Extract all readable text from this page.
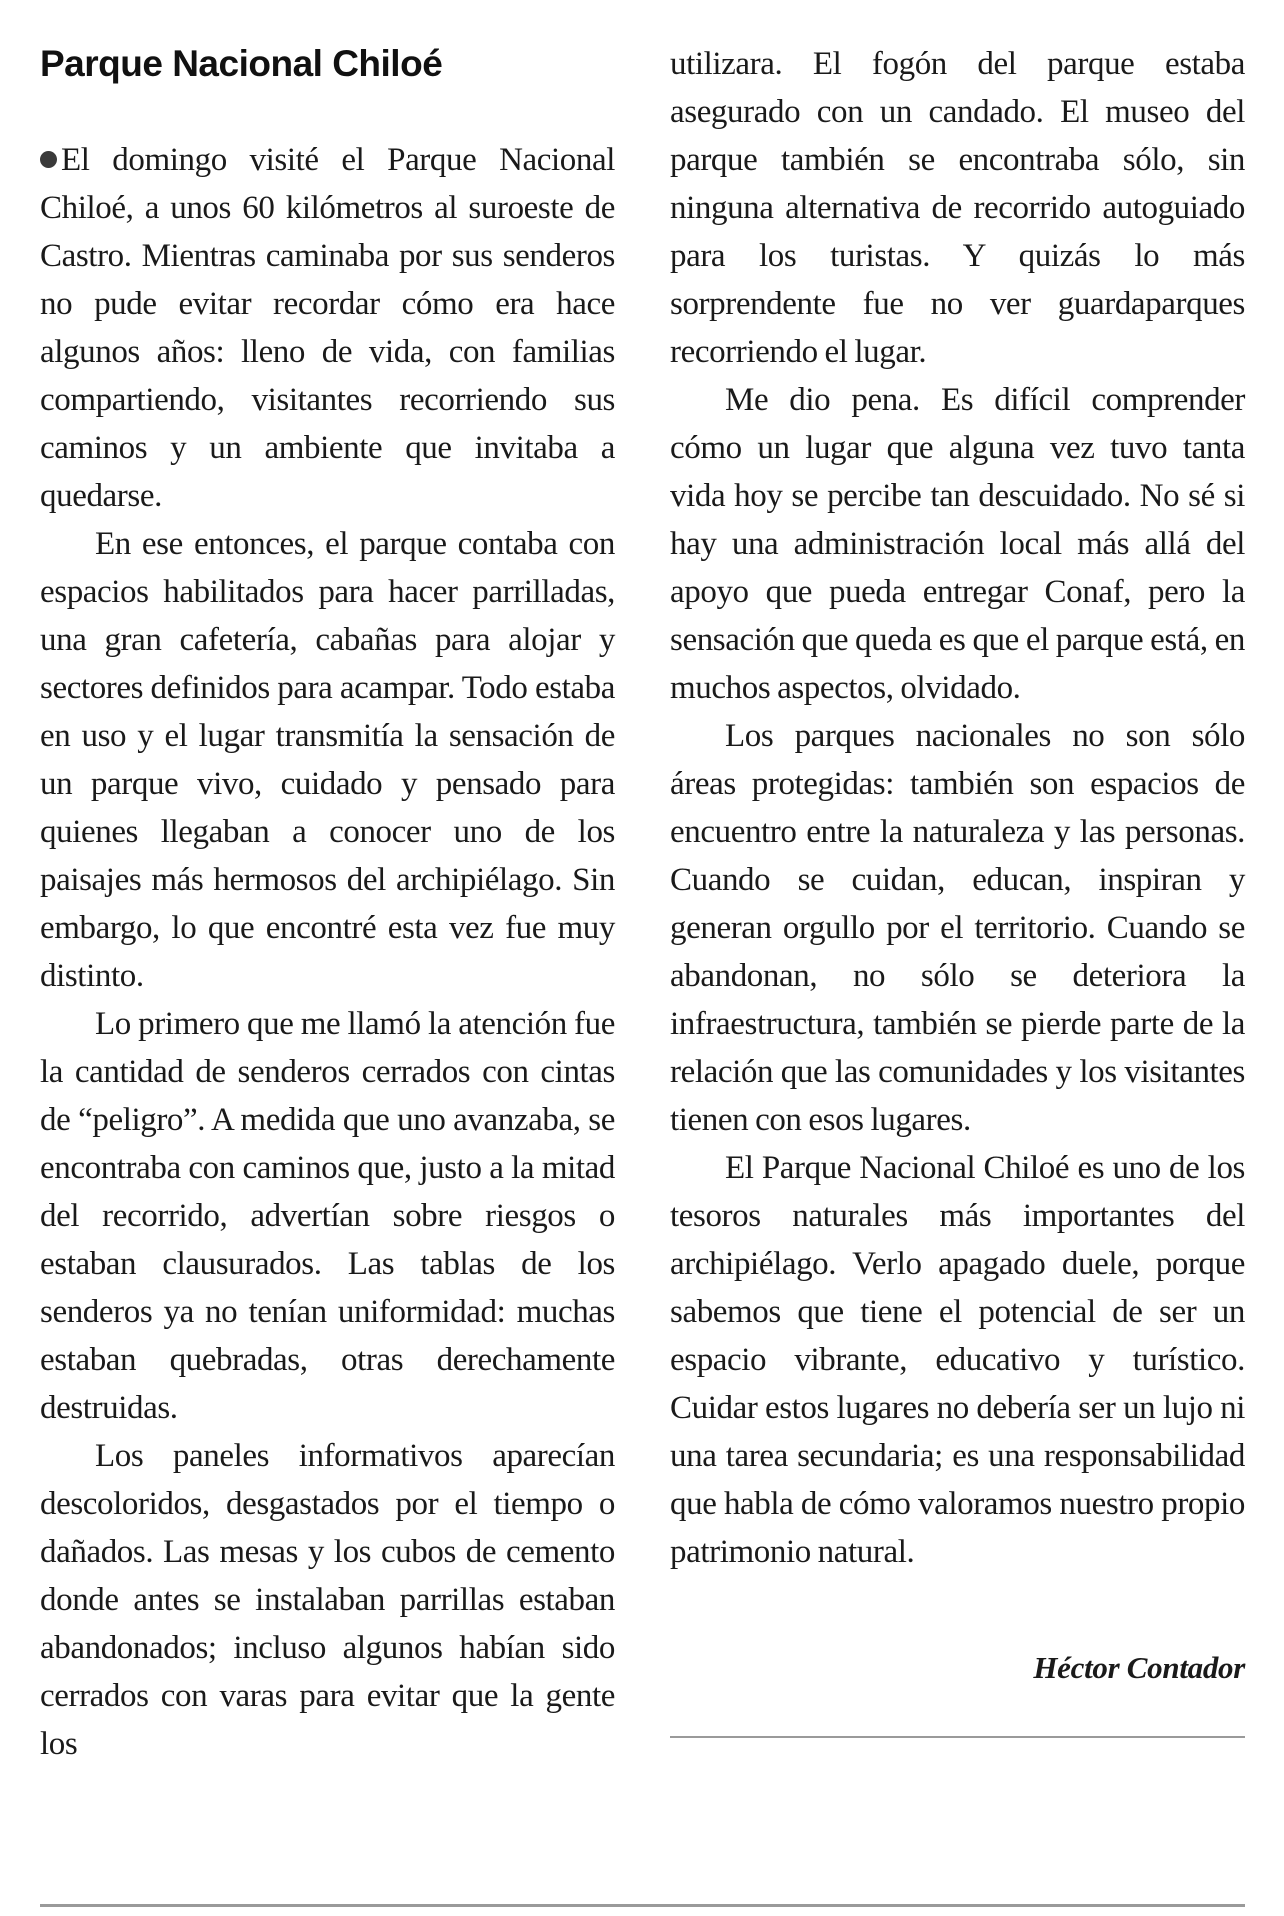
Parque Nacional Chiloé

El domingo visité el Parque Nacional Chiloé, a unos 60 kilómetros al suroeste de Castro. Mientras caminaba por sus senderos no pude evitar recordar cómo era hace algunos años: lleno de vida, con familias compartiendo, visitantes recorriendo sus caminos y un ambiente que invitaba a quedarse.

En ese entonces, el parque contaba con espacios habilitados para hacer parrilladas, una gran cafetería, cabañas para alojar y sectores definidos para acampar. Todo estaba en uso y el lugar transmitía la sensación de un parque vivo, cuidado y pensado para quienes llegaban a conocer uno de los paisajes más hermosos del archipiélago. Sin embargo, lo que encontré esta vez fue muy distinto.

Lo primero que me llamó la atención fue la cantidad de senderos cerrados con cintas de “peligro”. A medida que uno avanzaba, se encontraba con caminos que, justo a la mitad del recorrido, advertían sobre riesgos o estaban clausurados. Las tablas de los senderos ya no tenían uniformidad: muchas estaban quebradas, otras derechamente destruidas.

Los paneles informativos aparecían descoloridos, desgastados por el tiempo o dañados. Las mesas y los cubos de cemento donde antes se instalaban parrillas estaban abandonados; incluso algunos habían sido cerrados con varas para evitar que la gente los

utilizara. El fogón del parque estaba asegurado con un candado. El museo del parque también se encontraba sólo, sin ninguna alternativa de recorrido autoguiado para los turistas. Y quizás lo más sorprendente fue no ver guardaparques recorriendo el lugar.

Me dio pena. Es difícil comprender cómo un lugar que alguna vez tuvo tanta vida hoy se percibe tan descuidado. No sé si hay una administración local más allá del apoyo que pueda entregar Conaf, pero la sensación que queda es que el parque está, en muchos aspectos, olvidado.

Los parques nacionales no son sólo áreas protegidas: también son espacios de encuentro entre la naturaleza y las personas. Cuando se cuidan, educan, inspiran y generan orgullo por el territorio. Cuando se abandonan, no sólo se deteriora la infraestructura, también se pierde parte de la relación que las comunidades y los visitantes tienen con esos lugares.

El Parque Nacional Chiloé es uno de los tesoros naturales más importantes del archipiélago. Verlo apagado duele, porque sabemos que tiene el potencial de ser un espacio vibrante, educativo y turístico. Cuidar estos lugares no debería ser un lujo ni una tarea secundaria; es una responsabilidad que habla de cómo valoramos nuestro propio patrimonio natural.

Héctor Contador
